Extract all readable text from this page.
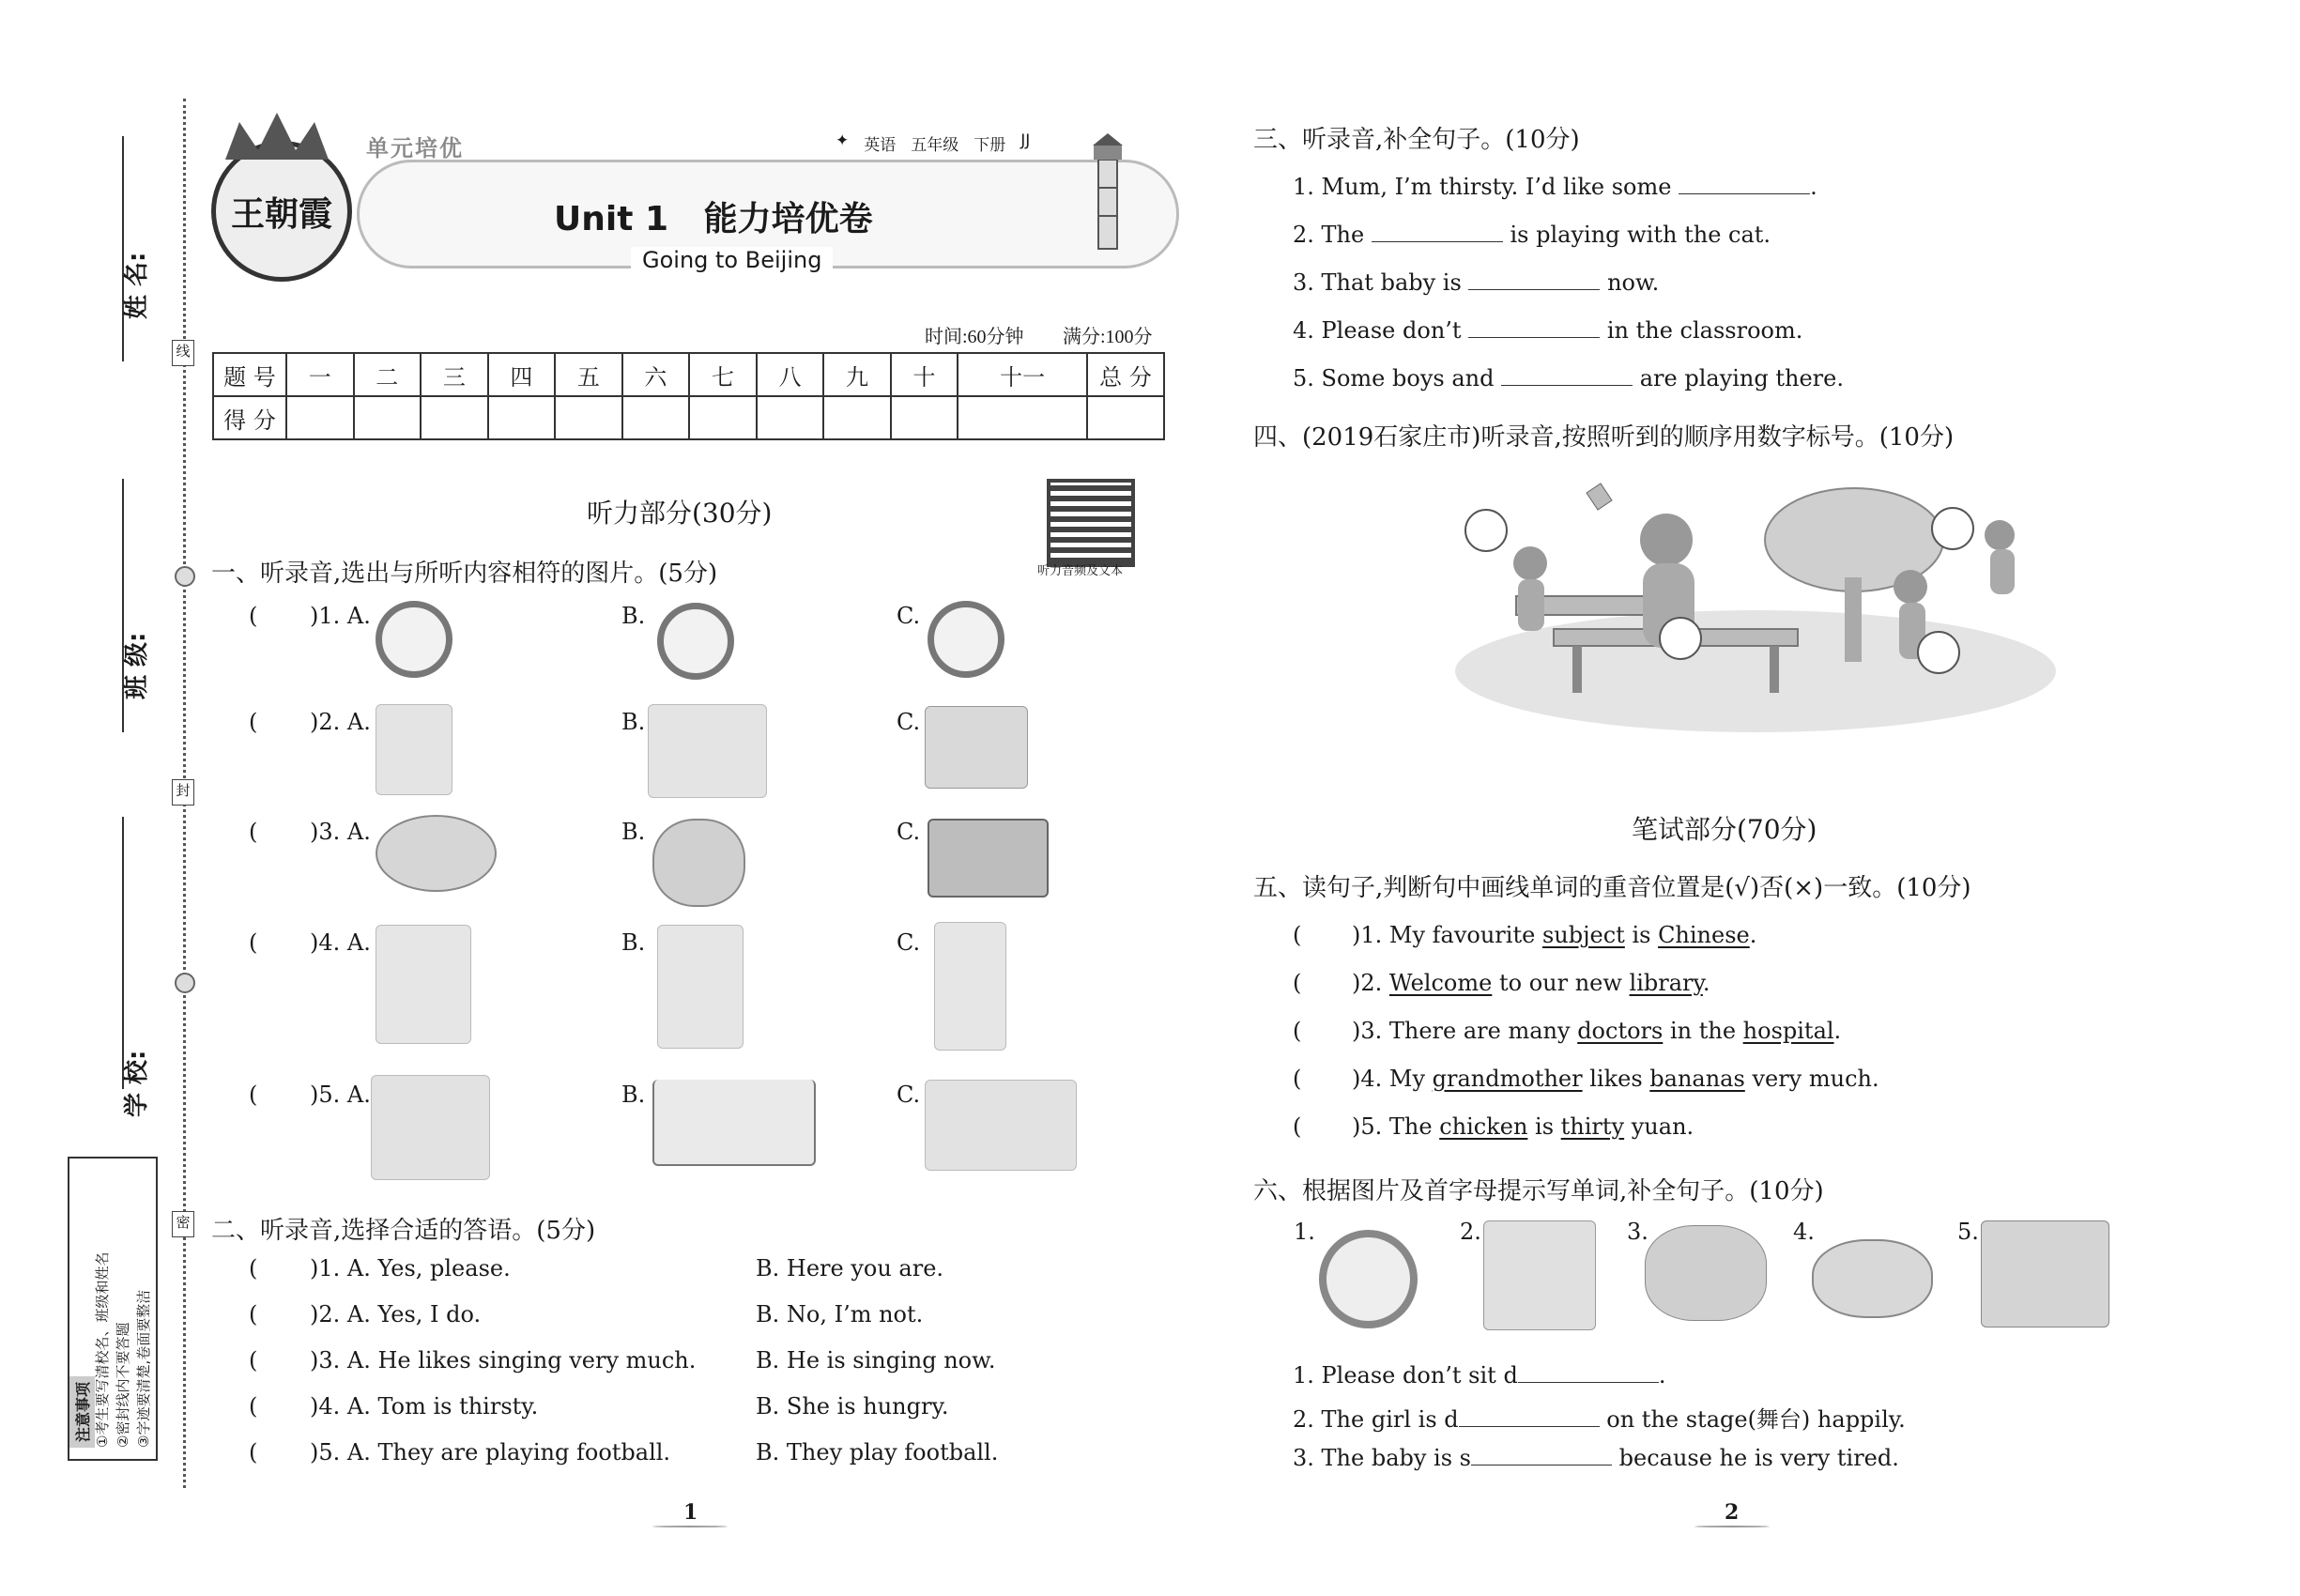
线
封
密
姓 名:
班 级:
学 校:
注意事项 ①考生要写清校名、班级和姓名 ②密封线内不要答题 ③字迹要清楚,卷面要整洁
王朝霞
单元培优	✦ 英语 五年级 下册 JJ
Unit 1   能力培优卷
Going to Beijing
时间:60分钟 满分:100分
题 号	一	二	三	四	五	六	七	八	九	十	十一	总 分
得 分												
听力部分(30分)
听力音频及文本
一、听录音,选出与所听内容相符的图片。(5分)
( )1. A.	B.	C.
( )2. A.	B.	C.
( )3. A.	B.	C.
( )4. A.	B.	C.
( )5. A.	B.	C.
二、听录音,选择合适的答语。(5分)
( )1. A. Yes, please.	B. Here you are.
( )2. A. Yes, I do.	B. No, I’m not.
( )3. A. He likes singing very much.	B. He is singing now.
( )4. A. Tom is thirsty.	B. She is hungry.
( )5. A. They are playing football.	B. They play football.
1
三、听录音,补全句子。(10分)
1. Mum, I’m thirsty. I’d like some	.
2. The	is playing with the cat.
3. That baby is	now.
4. Please don’t	in the classroom.
5. Some boys and	are playing there.
四、(2019石家庄市)听录音,按照听到的顺序用数字标号。(10分)
笔试部分(70分)
五、读句子,判断句中画线单词的重音位置是(√)否(×)一致。(10分)
( )1. My favourite subject is Chinese.
( )2. Welcome to our new library.
( )3. There are many doctors in the hospital.
( )4. My grandmother likes bananas very much.
( )5. The chicken is thirty yuan.
六、根据图片及首字母提示写单词,补全句子。(10分)
1.	2.	3.	4.	5.
1. Please don’t sit d	.
2. The girl is d	on the stage(舞台) happily.
3. The baby is s	because he is very tired.
2
